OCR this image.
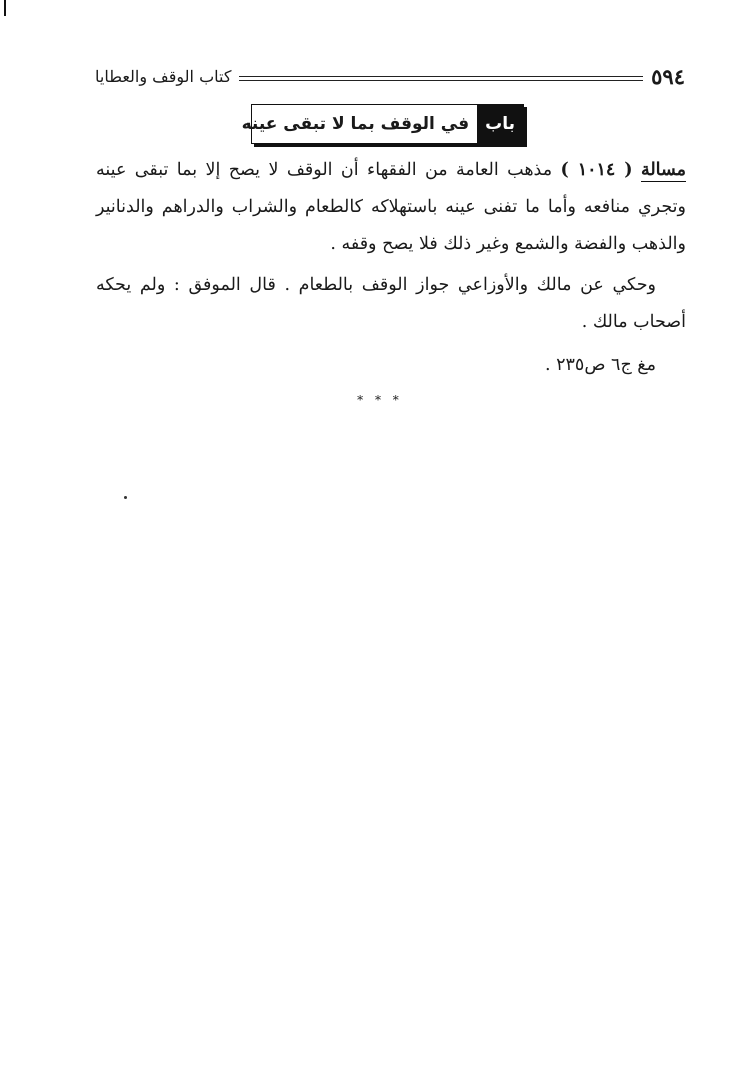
٥٩٤
كتاب الوقف والعطايا
باب
في الوقف بما لا تبقى عينه

مسالة ( ١٠١٤ ) مذهب العامة من الفقهاء أن الوقف لا يصح إلا بما تبقى عينه وتجري منافعه وأما ما تفنى عينه باستهلاكه كالطعام والشراب والدراهم والدنانير والذهب والفضة والشمع وغير ذلك فلا يصح وقفه .

وحكي عن مالك والأوزاعي جواز الوقف بالطعام . قال الموفق : ولم يحكه أصحاب مالك .

مغ ج٦ ص٢٣٥ .

* * *
